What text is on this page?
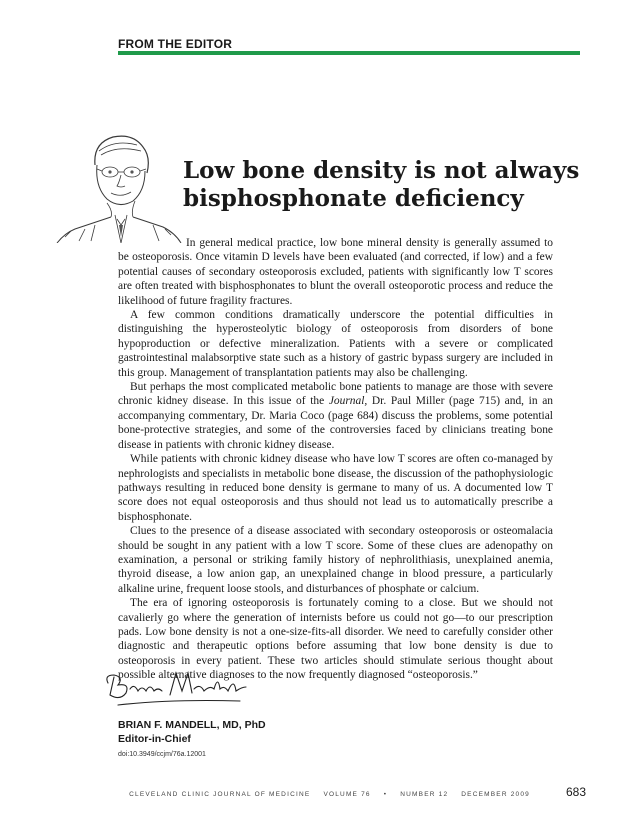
FROM THE EDITOR
Low bone density is not always bisphosphonate deficiency

In general medical practice, low bone mineral density is generally assumed to be osteoporosis. Once vitamin D levels have been evaluated (and corrected, if low) and a few potential causes of secondary osteoporosis excluded, patients with significantly low T scores are often treated with bisphosphonates to blunt the overall osteoporotic process and reduce the likelihood of future fragility fractures.

A few common conditions dramatically underscore the potential difficulties in distinguishing the hyperosteolytic biology of osteoporosis from disorders of bone hypoproduction or defective mineralization. Patients with a severe or complicated gastrointestinal malabsorptive state such as a history of gastric bypass surgery are included in this group. Management of transplantation patients may also be challenging.

But perhaps the most complicated metabolic bone patients to manage are those with severe chronic kidney disease. In this issue of the Journal, Dr. Paul Miller (page 715) and, in an accompanying commentary, Dr. Maria Coco (page 684) discuss the problems, some potential bone-protective strategies, and some of the controversies faced by clinicians treating bone disease in patients with chronic kidney disease.

While patients with chronic kidney disease who have low T scores are often co-managed by nephrologists and specialists in metabolic bone disease, the discussion of the pathophysiologic pathways resulting in reduced bone density is germane to many of us. A documented low T score does not equal osteoporosis and thus should not lead us to automatically prescribe a bisphosphonate.

Clues to the presence of a disease associated with secondary osteoporosis or osteomalacia should be sought in any patient with a low T score. Some of these clues are adenopathy on examination, a personal or striking family history of nephrolithiasis, unexplained anemia, thyroid disease, a low anion gap, an unexplained change in blood pressure, a particularly alkaline urine, frequent loose stools, and disturbances of phosphate or calcium.

The era of ignoring osteoporosis is fortunately coming to a close. But we should not cavalierly go where the generation of internists before us could not go—to our prescription pads. Low bone density is not a one-size-fits-all disorder. We need to carefully consider other diagnostic and therapeutic options before assuming that low bone density is due to osteoporosis in every patient. These two articles should stimulate serious thought about possible alternative diagnoses to the now frequently diagnosed “osteoporosis.”

BRIAN F. MANDELL, MD, PhD
Editor-in-Chief
doi:10.3949/ccjm/76a.12001
CLEVELAND CLINIC JOURNAL OF MEDICINE VOLUME 76 • NUMBER 12 DECEMBER 2009	683
